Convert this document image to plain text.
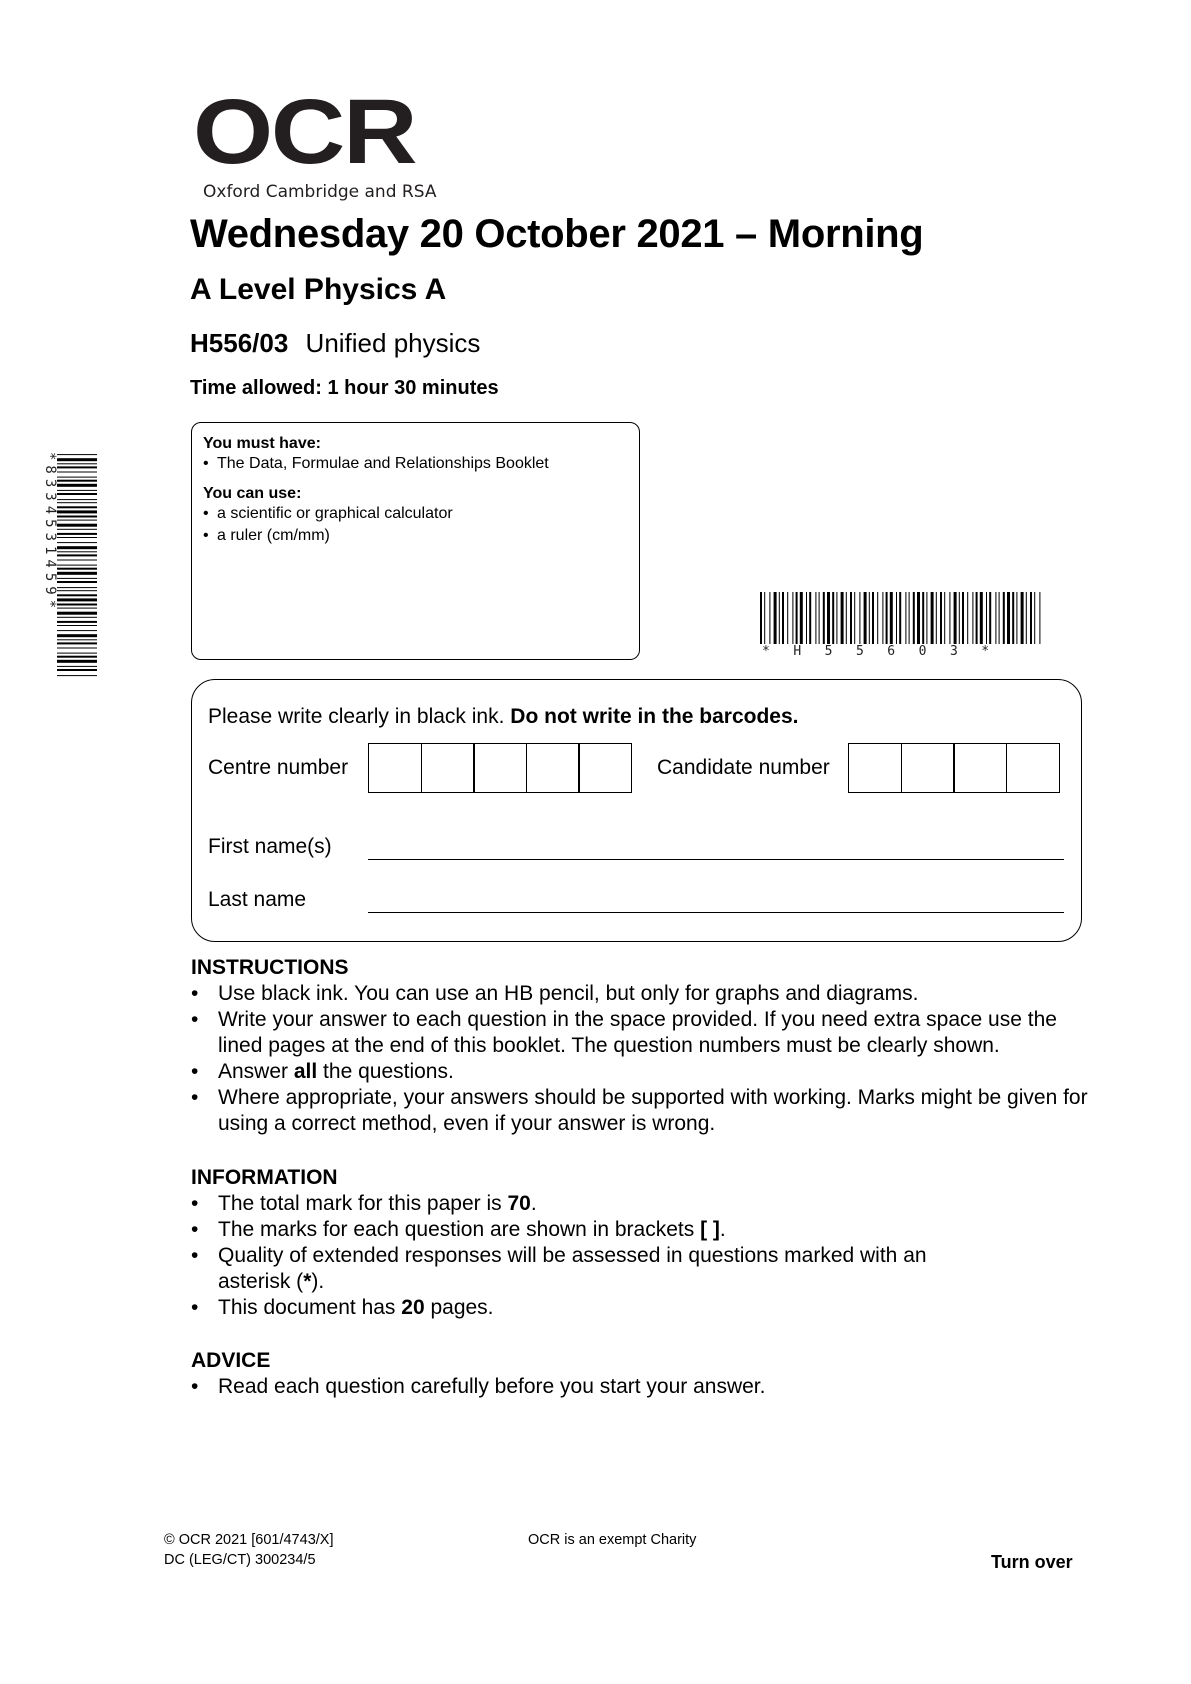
OCR
Oxford Cambridge and RSA
Wednesday 20 October 2021 – Morning
A Level Physics A
H556/03 Unified physics
Time allowed: 1 hour 30 minutes
You must have:
• The Data, Formulae and Relationships Booklet
You can use:
• a scientific or graphical calculator
• a ruler (cm/mm)
*8334531459*
*H55603*
Please write clearly in black ink. Do not write in the barcodes.
Centre number	Candidate number
First name(s)
Last name
INSTRUCTIONS
• Use black ink. You can use an HB pencil, but only for graphs and diagrams.
• Write your answer to each question in the space provided. If you need extra space use the lined pages at the end of this booklet. The question numbers must be clearly shown.
• Answer all the questions.
• Where appropriate, your answers should be supported with working. Marks might be given for using a correct method, even if your answer is wrong.
INFORMATION
• The total mark for this paper is 70.
• The marks for each question are shown in brackets [ ].
• Quality of extended responses will be assessed in questions marked with an asterisk (*).
• This document has 20 pages.
ADVICE
• Read each question carefully before you start your answer.
© OCR 2021 [601/4743/X]
DC (LEG/CT) 300234/5
OCR is an exempt Charity
Turn over
